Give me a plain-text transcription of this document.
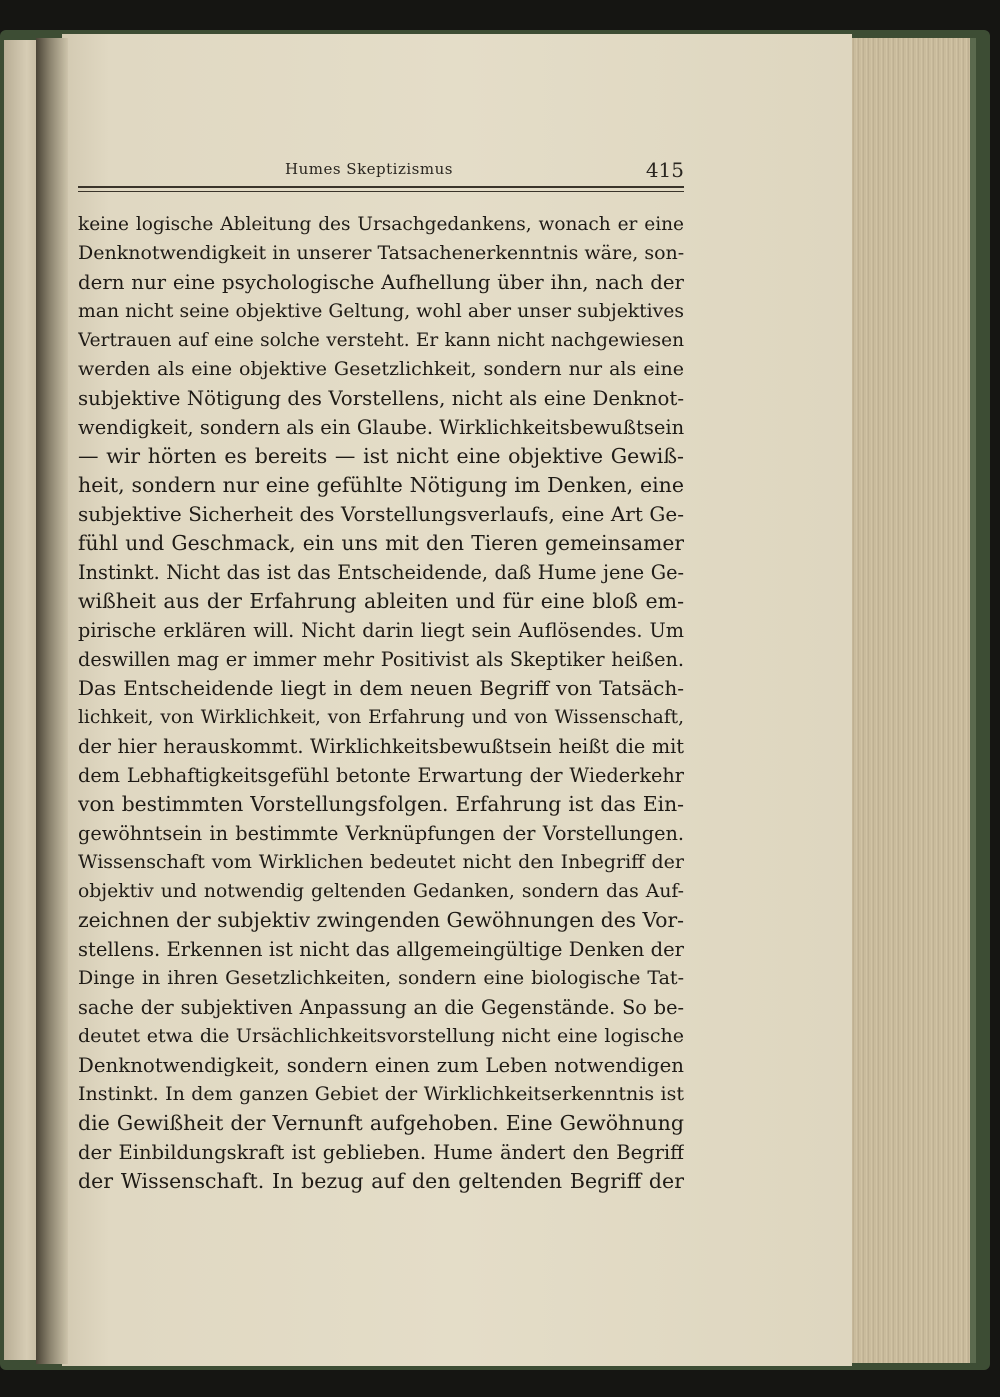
Humes Skeptizismus	415
keine logische Ableitung des Ursachgedankens, wonach er eine
Denknotwendigkeit in unserer Tatsachenerkenntnis wäre, son-
dern nur eine psychologische Aufhellung über ihn, nach der
man nicht seine objektive Geltung, wohl aber unser subjektives
Vertrauen auf eine solche versteht. Er kann nicht nachgewiesen
werden als eine objektive Gesetzlichkeit, sondern nur als eine
subjektive Nötigung des Vorstellens, nicht als eine Denknot-
wendigkeit, sondern als ein Glaube. Wirklichkeitsbewußtsein
— wir hörten es bereits — ist nicht eine objektive Gewiß-
heit, sondern nur eine gefühlte Nötigung im Denken, eine
subjektive Sicherheit des Vorstellungsverlaufs, eine Art Ge-
fühl und Geschmack, ein uns mit den Tieren gemeinsamer
Instinkt. Nicht das ist das Entscheidende, daß Hume jene Ge-
wißheit aus der Erfahrung ableiten und für eine bloß em-
pirische erklären will. Nicht darin liegt sein Auflösendes. Um
deswillen mag er immer mehr Positivist als Skeptiker heißen.
Das Entscheidende liegt in dem neuen Begriff von Tatsäch-
lichkeit, von Wirklichkeit, von Erfahrung und von Wissenschaft,
der hier herauskommt. Wirklichkeitsbewußtsein heißt die mit
dem Lebhaftigkeitsgefühl betonte Erwartung der Wiederkehr
von bestimmten Vorstellungsfolgen. Erfahrung ist das Ein-
gewöhntsein in bestimmte Verknüpfungen der Vorstellungen.
Wissenschaft vom Wirklichen bedeutet nicht den Inbegriff der
objektiv und notwendig geltenden Gedanken, sondern das Auf-
zeichnen der subjektiv zwingenden Gewöhnungen des Vor-
stellens. Erkennen ist nicht das allgemeingültige Denken der
Dinge in ihren Gesetzlichkeiten, sondern eine biologische Tat-
sache der subjektiven Anpassung an die Gegenstände. So be-
deutet etwa die Ursächlichkeitsvorstellung nicht eine logische
Denknotwendigkeit, sondern einen zum Leben notwendigen
Instinkt. In dem ganzen Gebiet der Wirklichkeitserkenntnis ist
die Gewißheit der Vernunft aufgehoben. Eine Gewöhnung
der Einbildungskraft ist geblieben. Hume ändert den Begriff
der Wissenschaft. In bezug auf den geltenden Begriff der
